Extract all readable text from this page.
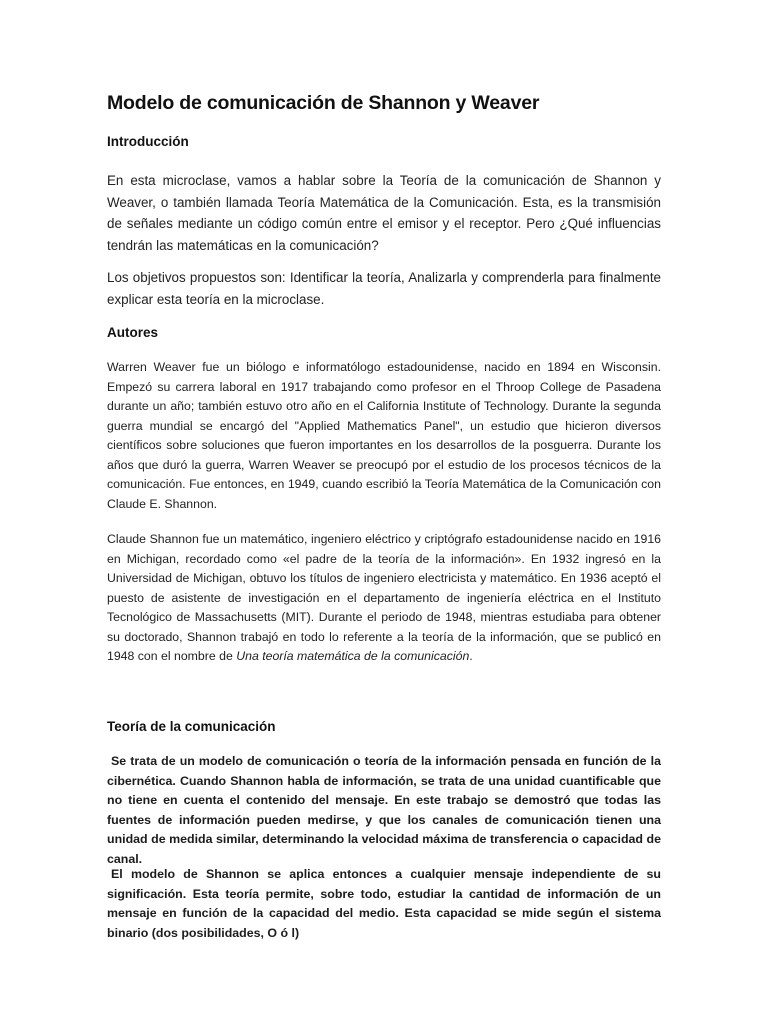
Modelo de comunicación de Shannon y Weaver
Introducción
En esta microclase, vamos a hablar sobre la Teoría de la comunicación de Shannon y Weaver, o también llamada Teoría Matemática de la Comunicación. Esta, es la transmisión de señales mediante un código común entre el emisor y el receptor. Pero ¿Qué influencias tendrán las matemáticas en la comunicación?
Los objetivos propuestos son: Identificar la teoría, Analizarla y comprenderla para finalmente explicar esta teoría en la microclase.
Autores
Warren Weaver fue un biólogo e informatólogo estadounidense, nacido en 1894 en Wisconsin. Empezó su carrera laboral en 1917 trabajando como profesor en el Throop College de Pasadena durante un año; también estuvo otro año en el California Institute of Technology. Durante la segunda guerra mundial se encargó del "Applied Mathematics Panel", un estudio que hicieron diversos científicos sobre soluciones que fueron importantes en los desarrollos de la posguerra. Durante los años que duró la guerra, Warren Weaver se preocupó por el estudio de los procesos técnicos de la comunicación. Fue entonces, en 1949, cuando escribió la Teoría Matemática de la Comunicación con Claude E. Shannon.
Claude Shannon fue un matemático, ingeniero eléctrico y criptógrafo estadounidense nacido en 1916 en Michigan, recordado como «el padre de la teoría de la información». En 1932 ingresó en la Universidad de Michigan, obtuvo los títulos de ingeniero electricista y matemático. En 1936 aceptó el puesto de asistente de investigación en el departamento de ingeniería eléctrica en el Instituto Tecnológico de Massachusetts (MIT). Durante el periodo de 1948, mientras estudiaba para obtener su doctorado, Shannon trabajó en todo lo referente a la teoría de la información, que se publicó en 1948 con el nombre de Una teoría matemática de la comunicación.
Teoría de la comunicación
Se trata de un modelo de comunicación o teoría de la información pensada en función de la cibernética. Cuando Shannon habla de información, se trata de una unidad cuantificable que no tiene en cuenta el contenido del mensaje. En este trabajo se demostró que todas las fuentes de información pueden medirse, y que los canales de comunicación tienen una unidad de medida similar, determinando la velocidad máxima de transferencia o capacidad de canal.
El modelo de Shannon se aplica entonces a cualquier mensaje independiente de su significación. Esta teoría permite, sobre todo, estudiar la cantidad de información de un mensaje en función de la capacidad del medio. Esta capacidad se mide según el sistema binario (dos posibilidades, O ó l)
